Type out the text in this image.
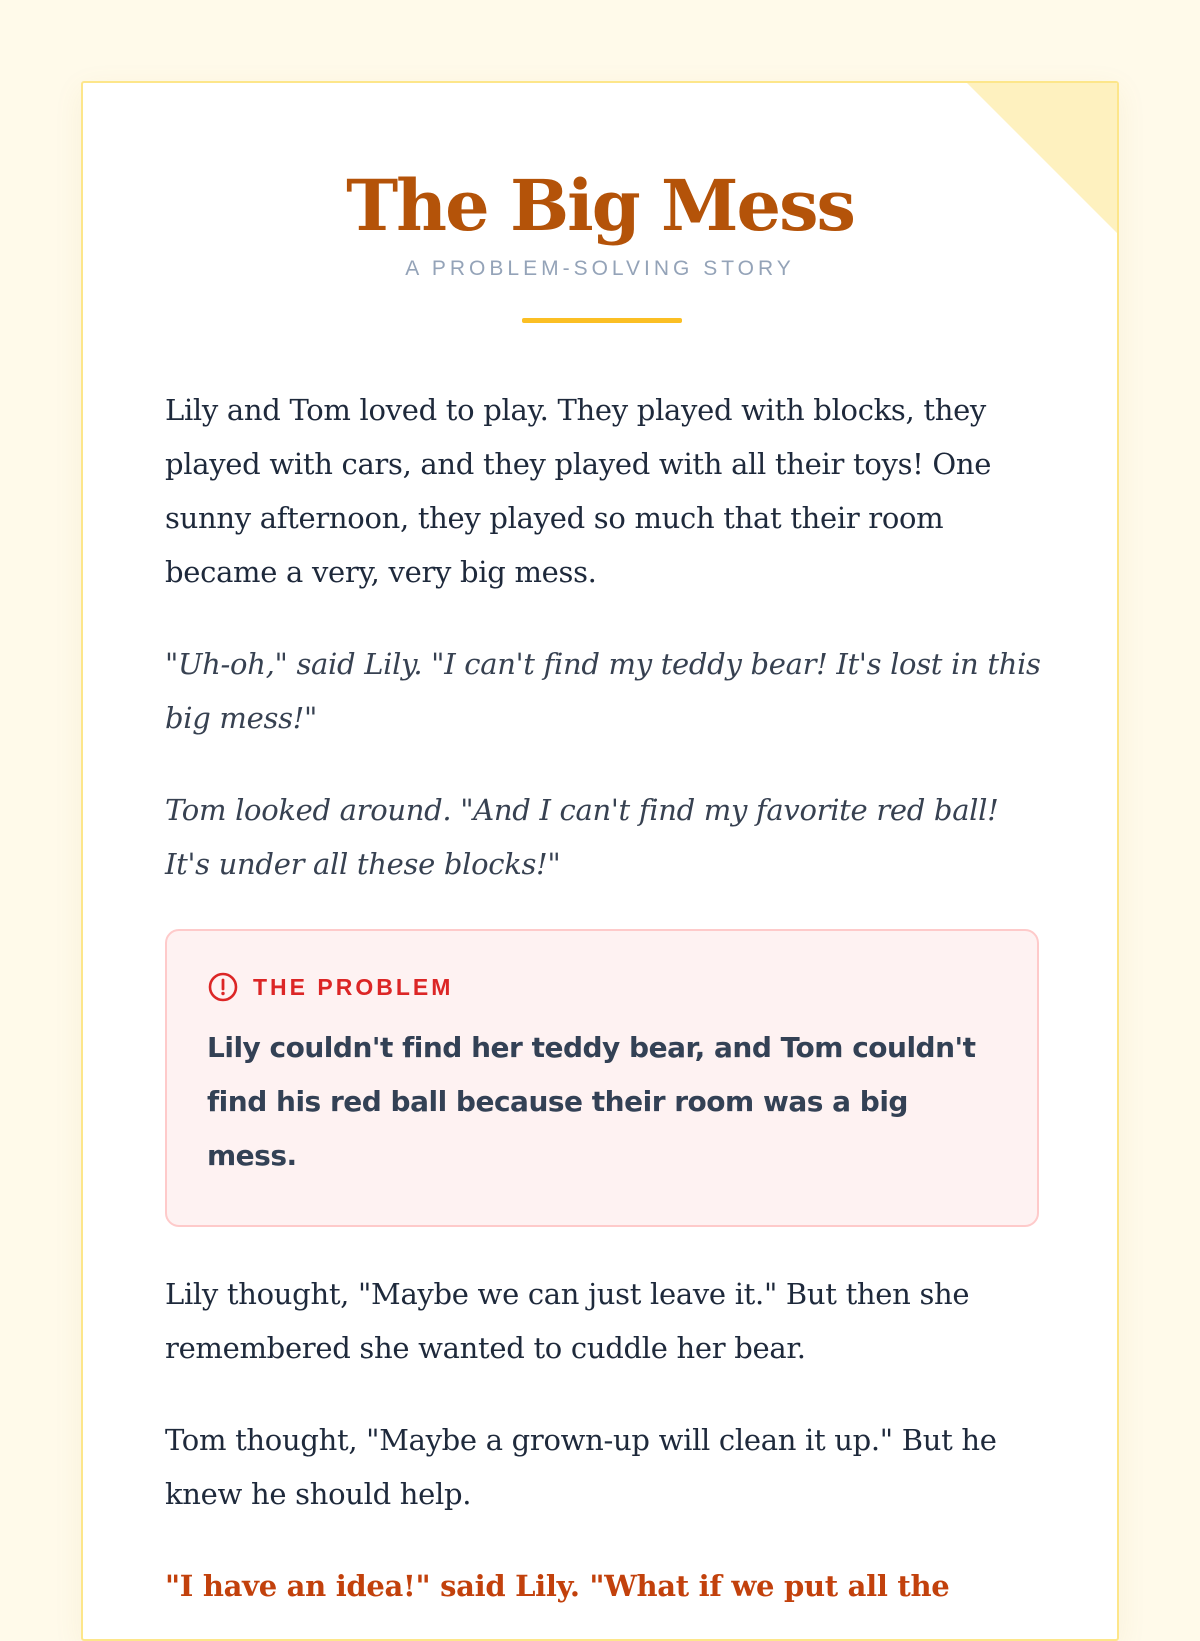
The Big Mess
A PROBLEM-SOLVING STORY

Lily and Tom loved to play. They played with blocks, they played with cars, and they played with all their toys! One sunny afternoon, they played so much that their room became a very, very big mess.

"Uh-oh," said Lily. "I can't find my teddy bear! It's lost in this big mess!"

Tom looked around. "And I can't find my favorite red ball! It's under all these blocks!"

THE PROBLEM

Lily couldn't find her teddy bear, and Tom couldn't find his red ball because their room was a big mess.

Lily thought, "Maybe we can just leave it." But then she remembered she wanted to cuddle her bear.

Tom thought, "Maybe a grown-up will clean it up." But he knew he should help.

"I have an idea!" said Lily. "What if we put all the
